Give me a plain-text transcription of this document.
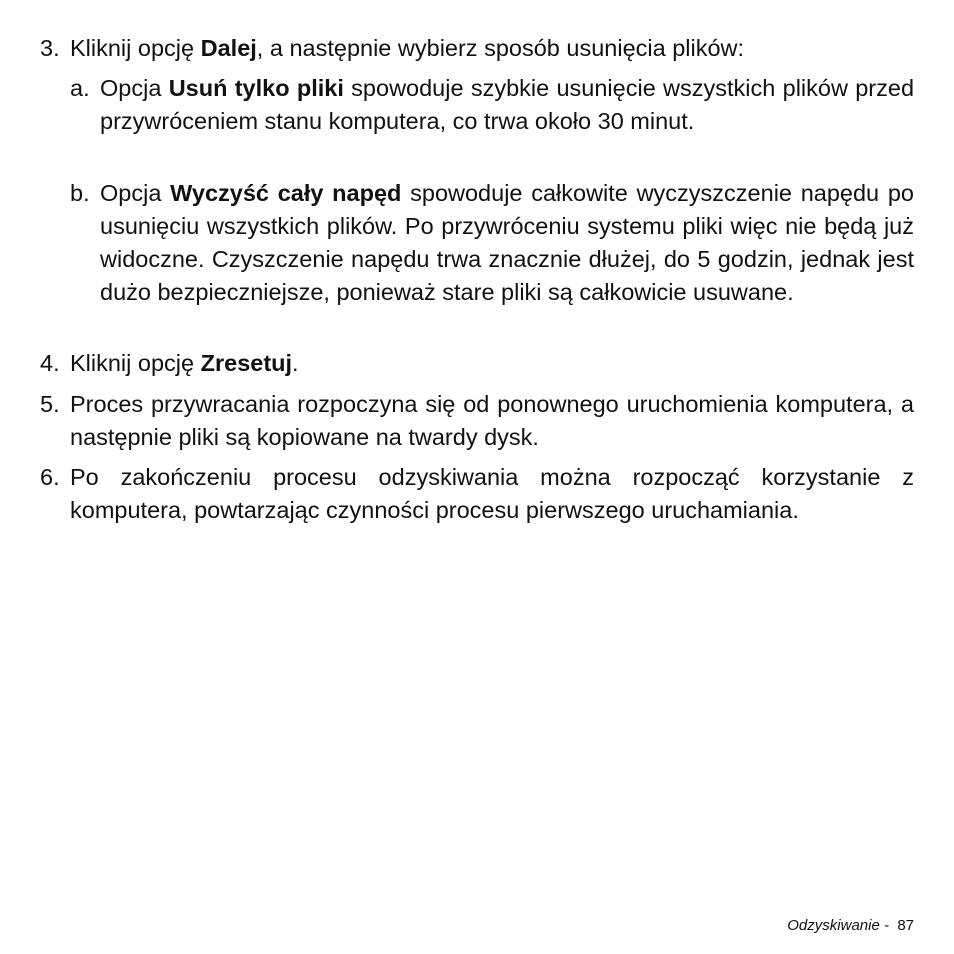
3. Kliknij opcję Dalej, a następnie wybierz sposób usunięcia plików:
a. Opcja Usuń tylko pliki spowoduje szybkie usunięcie wszystkich plików przed przywróceniem stanu komputera, co trwa około 30 minut.
b. Opcja Wyczyść cały napęd spowoduje całkowite wyczyszczenie napędu po usunięciu wszystkich plików. Po przywróceniu systemu pliki więc nie będą już widoczne. Czyszczenie napędu trwa znacznie dłużej, do 5 godzin, jednak jest dużo bezpieczniejsze, ponieważ stare pliki są całkowicie usuwane.
4. Kliknij opcję Zresetuj.
5. Proces przywracania rozpoczyna się od ponownego uruchomienia komputera, a następnie pliki są kopiowane na twardy dysk.
6. Po zakończeniu procesu odzyskiwania można rozpocząć korzystanie z komputera, powtarzając czynności procesu pierwszego uruchamiania.
Odzyskiwanie - 87
